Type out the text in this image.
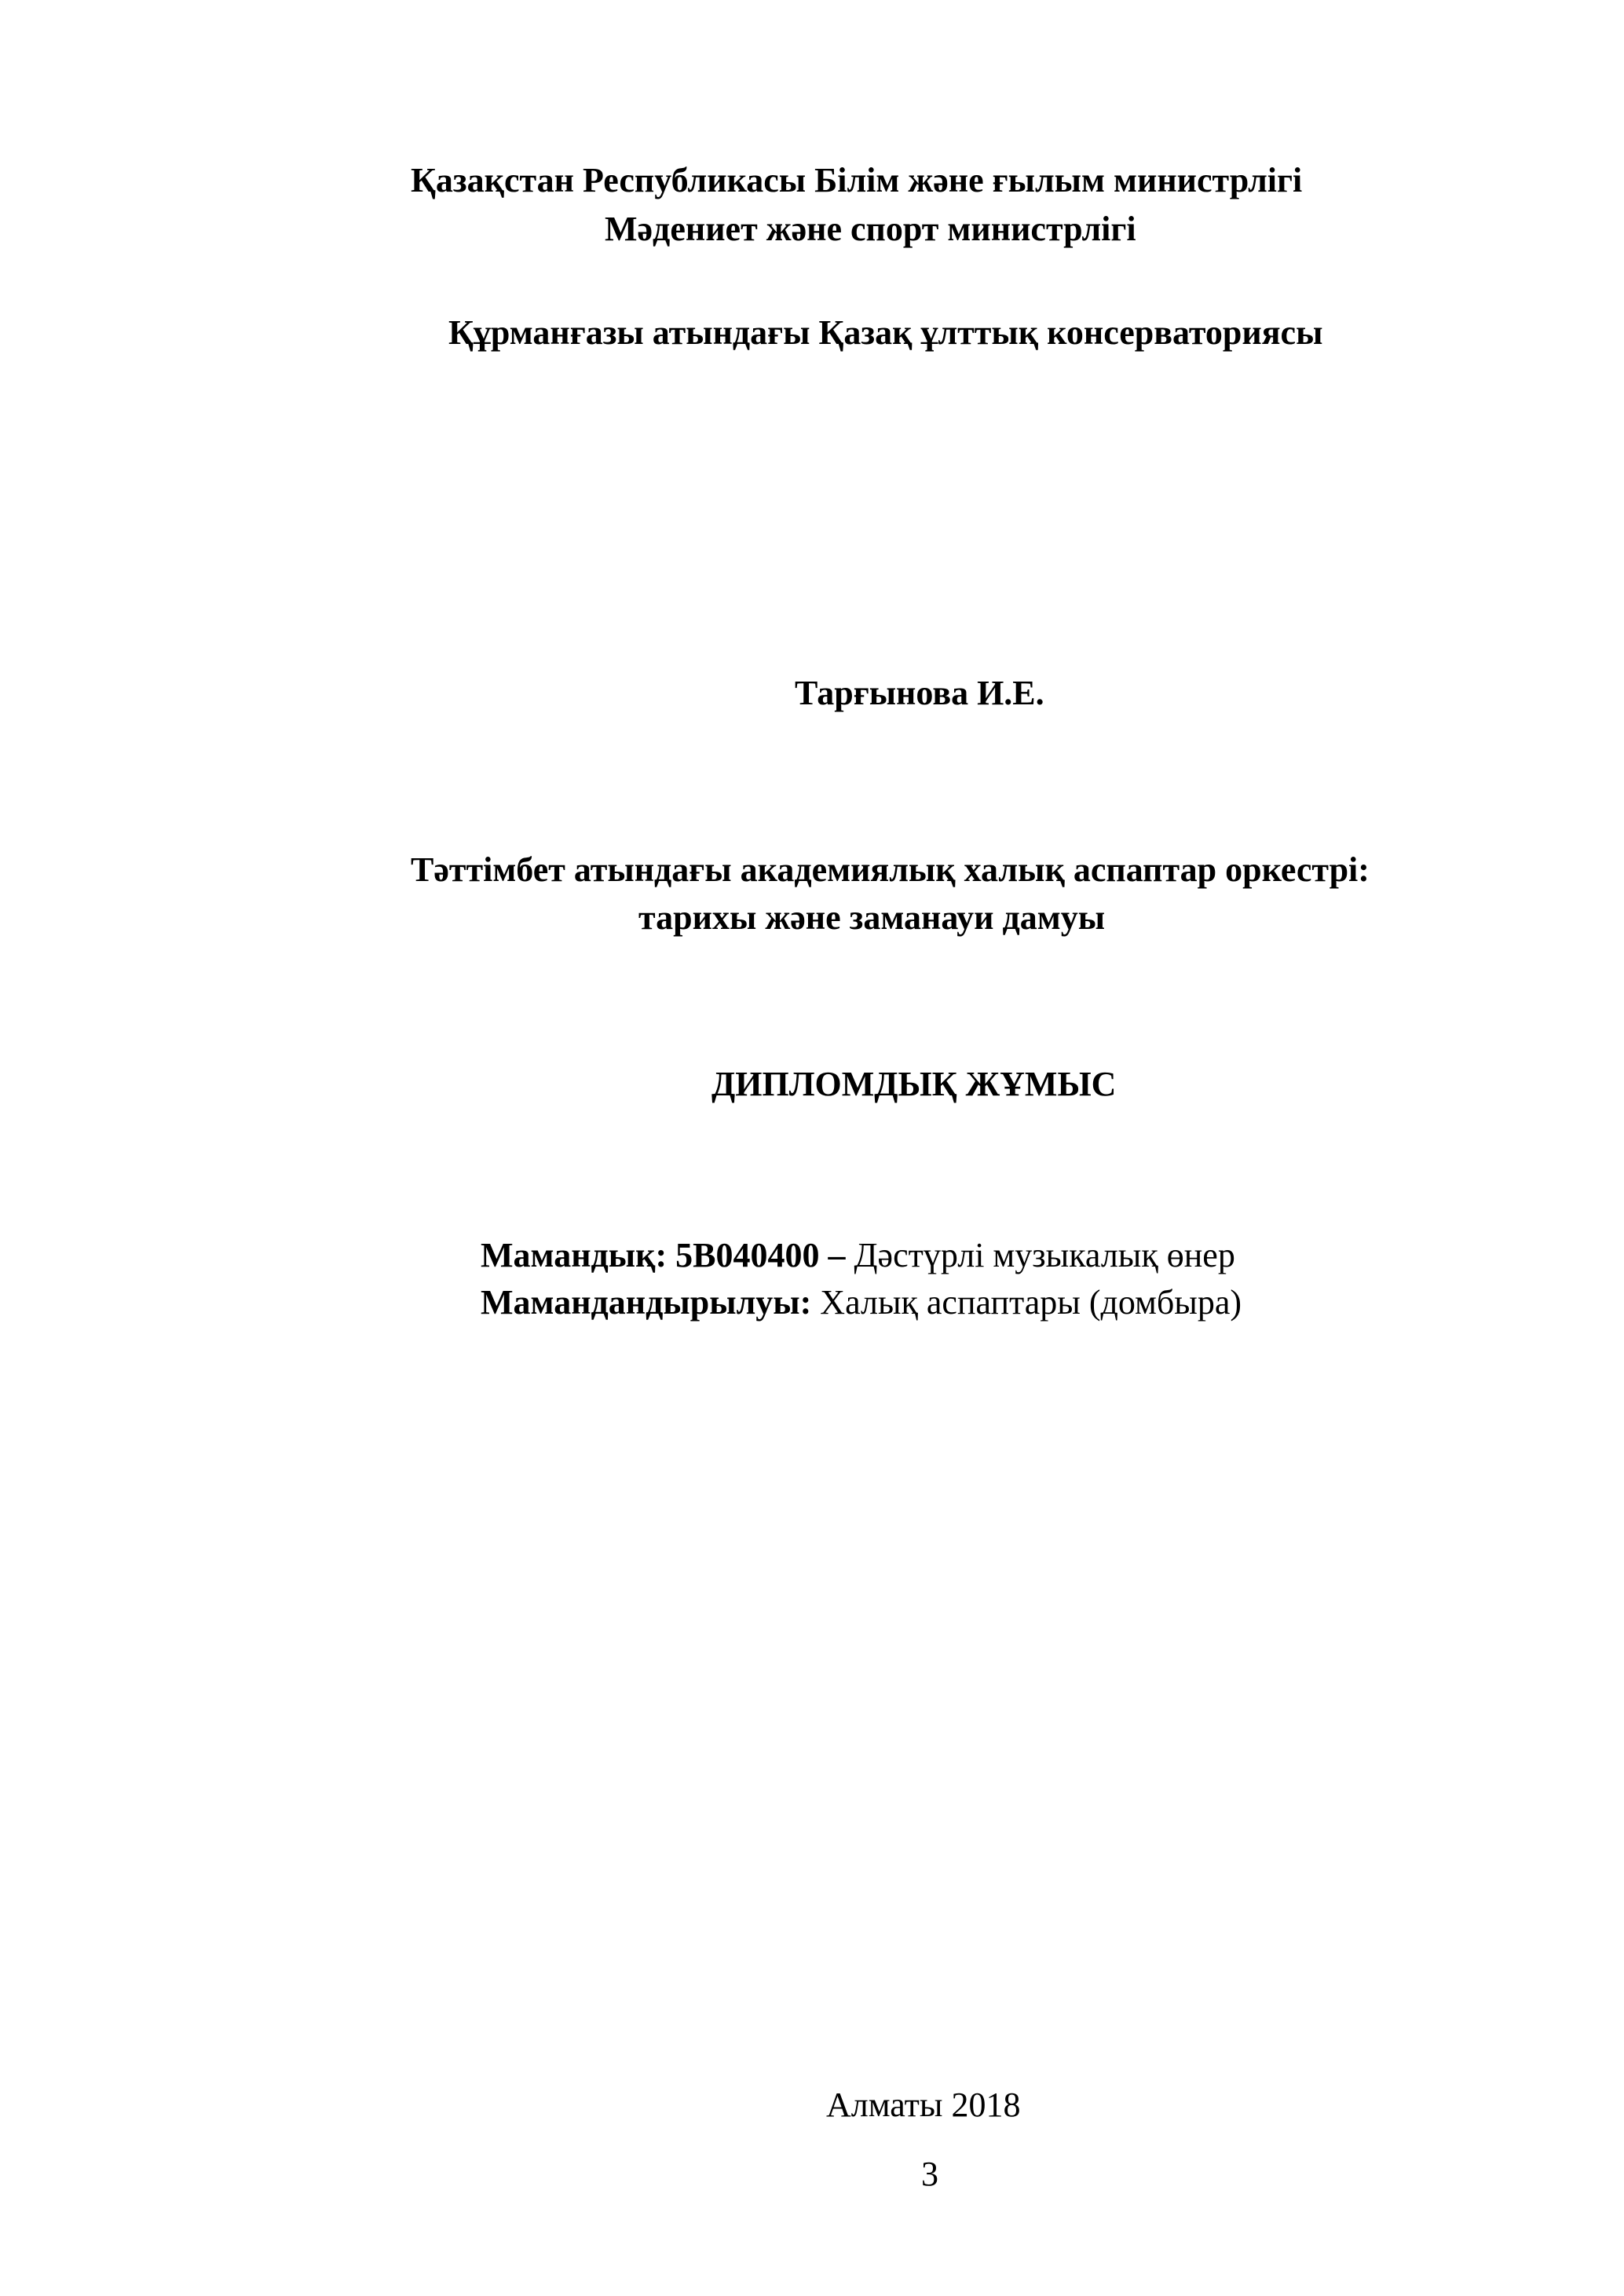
Қазақстан Республикасы Білім және ғылым министрлігі
Мәдениет және спорт министрлігі
Құрманғазы атындағы Қазақ ұлттық консерваториясы
Тарғынова И.Е.
Тәттімбет атындағы академиялық халық аспаптар оркестрі:
тарихы және заманауи дамуы
ДИПЛОМДЫҚ ЖҰМЫС
Мамандық: 5В040400 – Дәстүрлі музыкалық өнер
Мамандандырылуы: Халық аспаптары (домбыра)
Алматы 2018
3
